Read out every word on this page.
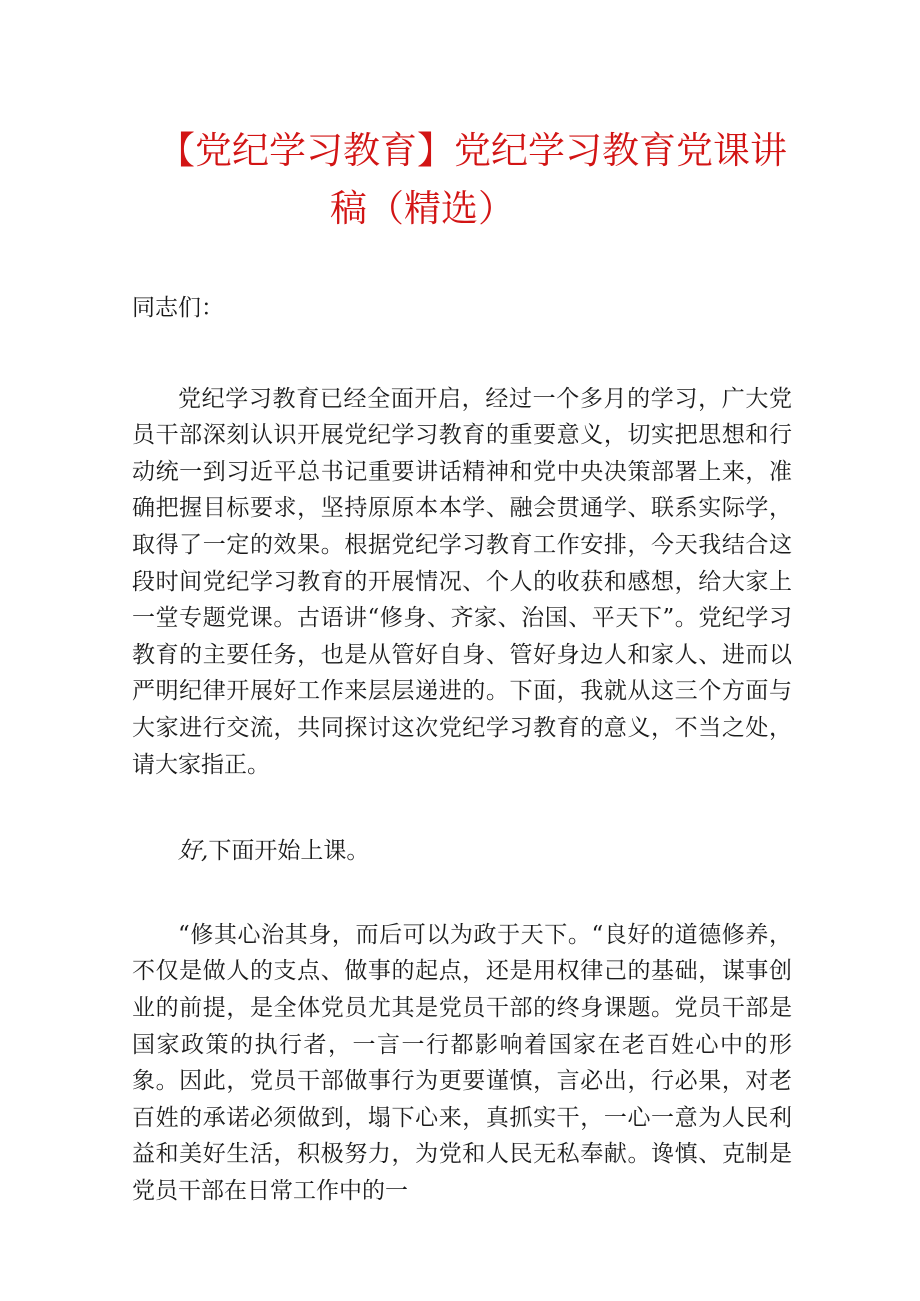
【党纪学习教育】党纪学习教育党课讲
稿（精选）

同志们：

党纪学习教育已经全面开启，经过一个多月的学习，广大党员干部深刻认识开展党纪学习教育的重要意义，切实把思想和行动统一到习近平总书记重要讲话精神和党中央决策部署上来，准确把握目标要求，坚持原原本本学、融会贯通学、联系实际学，取得了一定的效果。根据党纪学习教育工作安排，今天我结合这段时间党纪学习教育的开展情况、个人的收获和感想，给大家上一堂专题党课。古语讲“修身、齐家、治国、平天下”。党纪学习教育的主要任务，也是从管好自身、管好身边人和家人、进而以严明纪律开展好工作来层层递进的。下面，我就从这三个方面与大家进行交流，共同探讨这次党纪学习教育的意义，不当之处，请大家指正。

好,下面开始上课。

“修其心治其身，而后可以为政于天下。“良好的道德修养，不仅是做人的支点、做事的起点，还是用权律己的基础，谋事创业的前提，是全体党员尤其是党员干部的终身课题。党员干部是国家政策的执行者，一言一行都影响着国家在老百姓心中的形象。因此，党员干部做事行为更要谨慎，言必出，行必果，对老百姓的承诺必须做到，塌下心来，真抓实干，一心一意为人民利益和美好生活，积极努力，为党和人民无私奉献。谗慎、克制是党员干部在日常工作中的一
